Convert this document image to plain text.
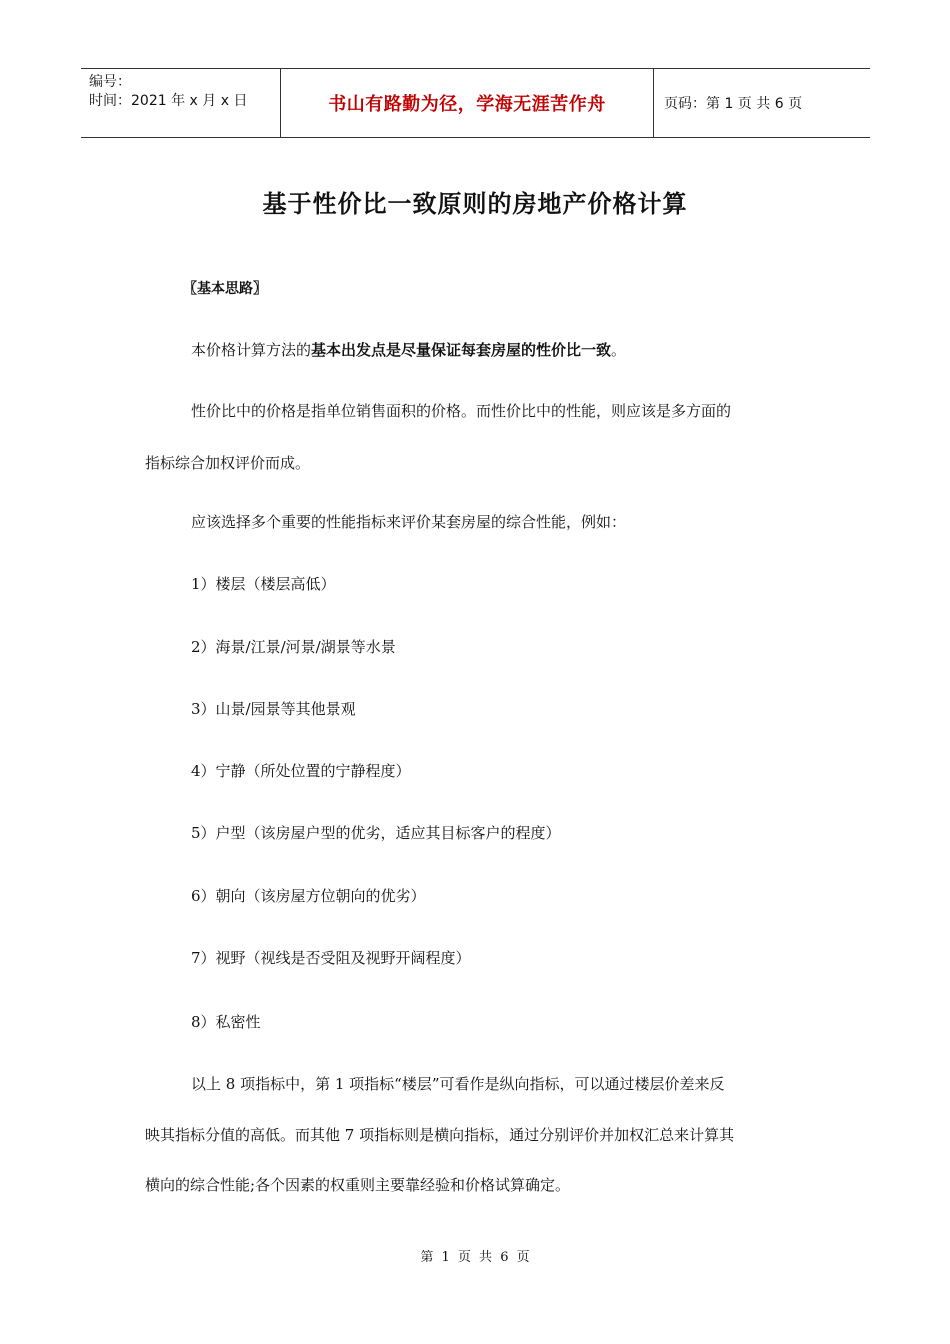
编号：
时间：2021 年 x 月 x 日	书山有路勤为径，学海无涯苦作舟	页码：第 1 页 共 6 页
基于性价比一致原则的房地产价格计算
〖基本思路〗
本价格计算方法的基本出发点是尽量保证每套房屋的性价比一致。
性价比中的价格是指单位销售面积的价格。而性价比中的性能，则应该是多方面的
指标综合加权评价而成。
应该选择多个重要的性能指标来评价某套房屋的综合性能，例如：
1）楼层（楼层高低）
2）海景/江景/河景/湖景等水景
3）山景/园景等其他景观
4）宁静（所处位置的宁静程度）
5）户型（该房屋户型的优劣，适应其目标客户的程度）
6）朝向（该房屋方位朝向的优劣）
7）视野（视线是否受阻及视野开阔程度）
8）私密性
以上 8 项指标中，第 1 项指标“楼层”可看作是纵向指标，可以通过楼层价差来反
映其指标分值的高低。而其他 7 项指标则是横向指标，通过分别评价并加权汇总来计算其
横向的综合性能;各个因素的权重则主要靠经验和价格试算确定。
第 1 页 共 6 页
